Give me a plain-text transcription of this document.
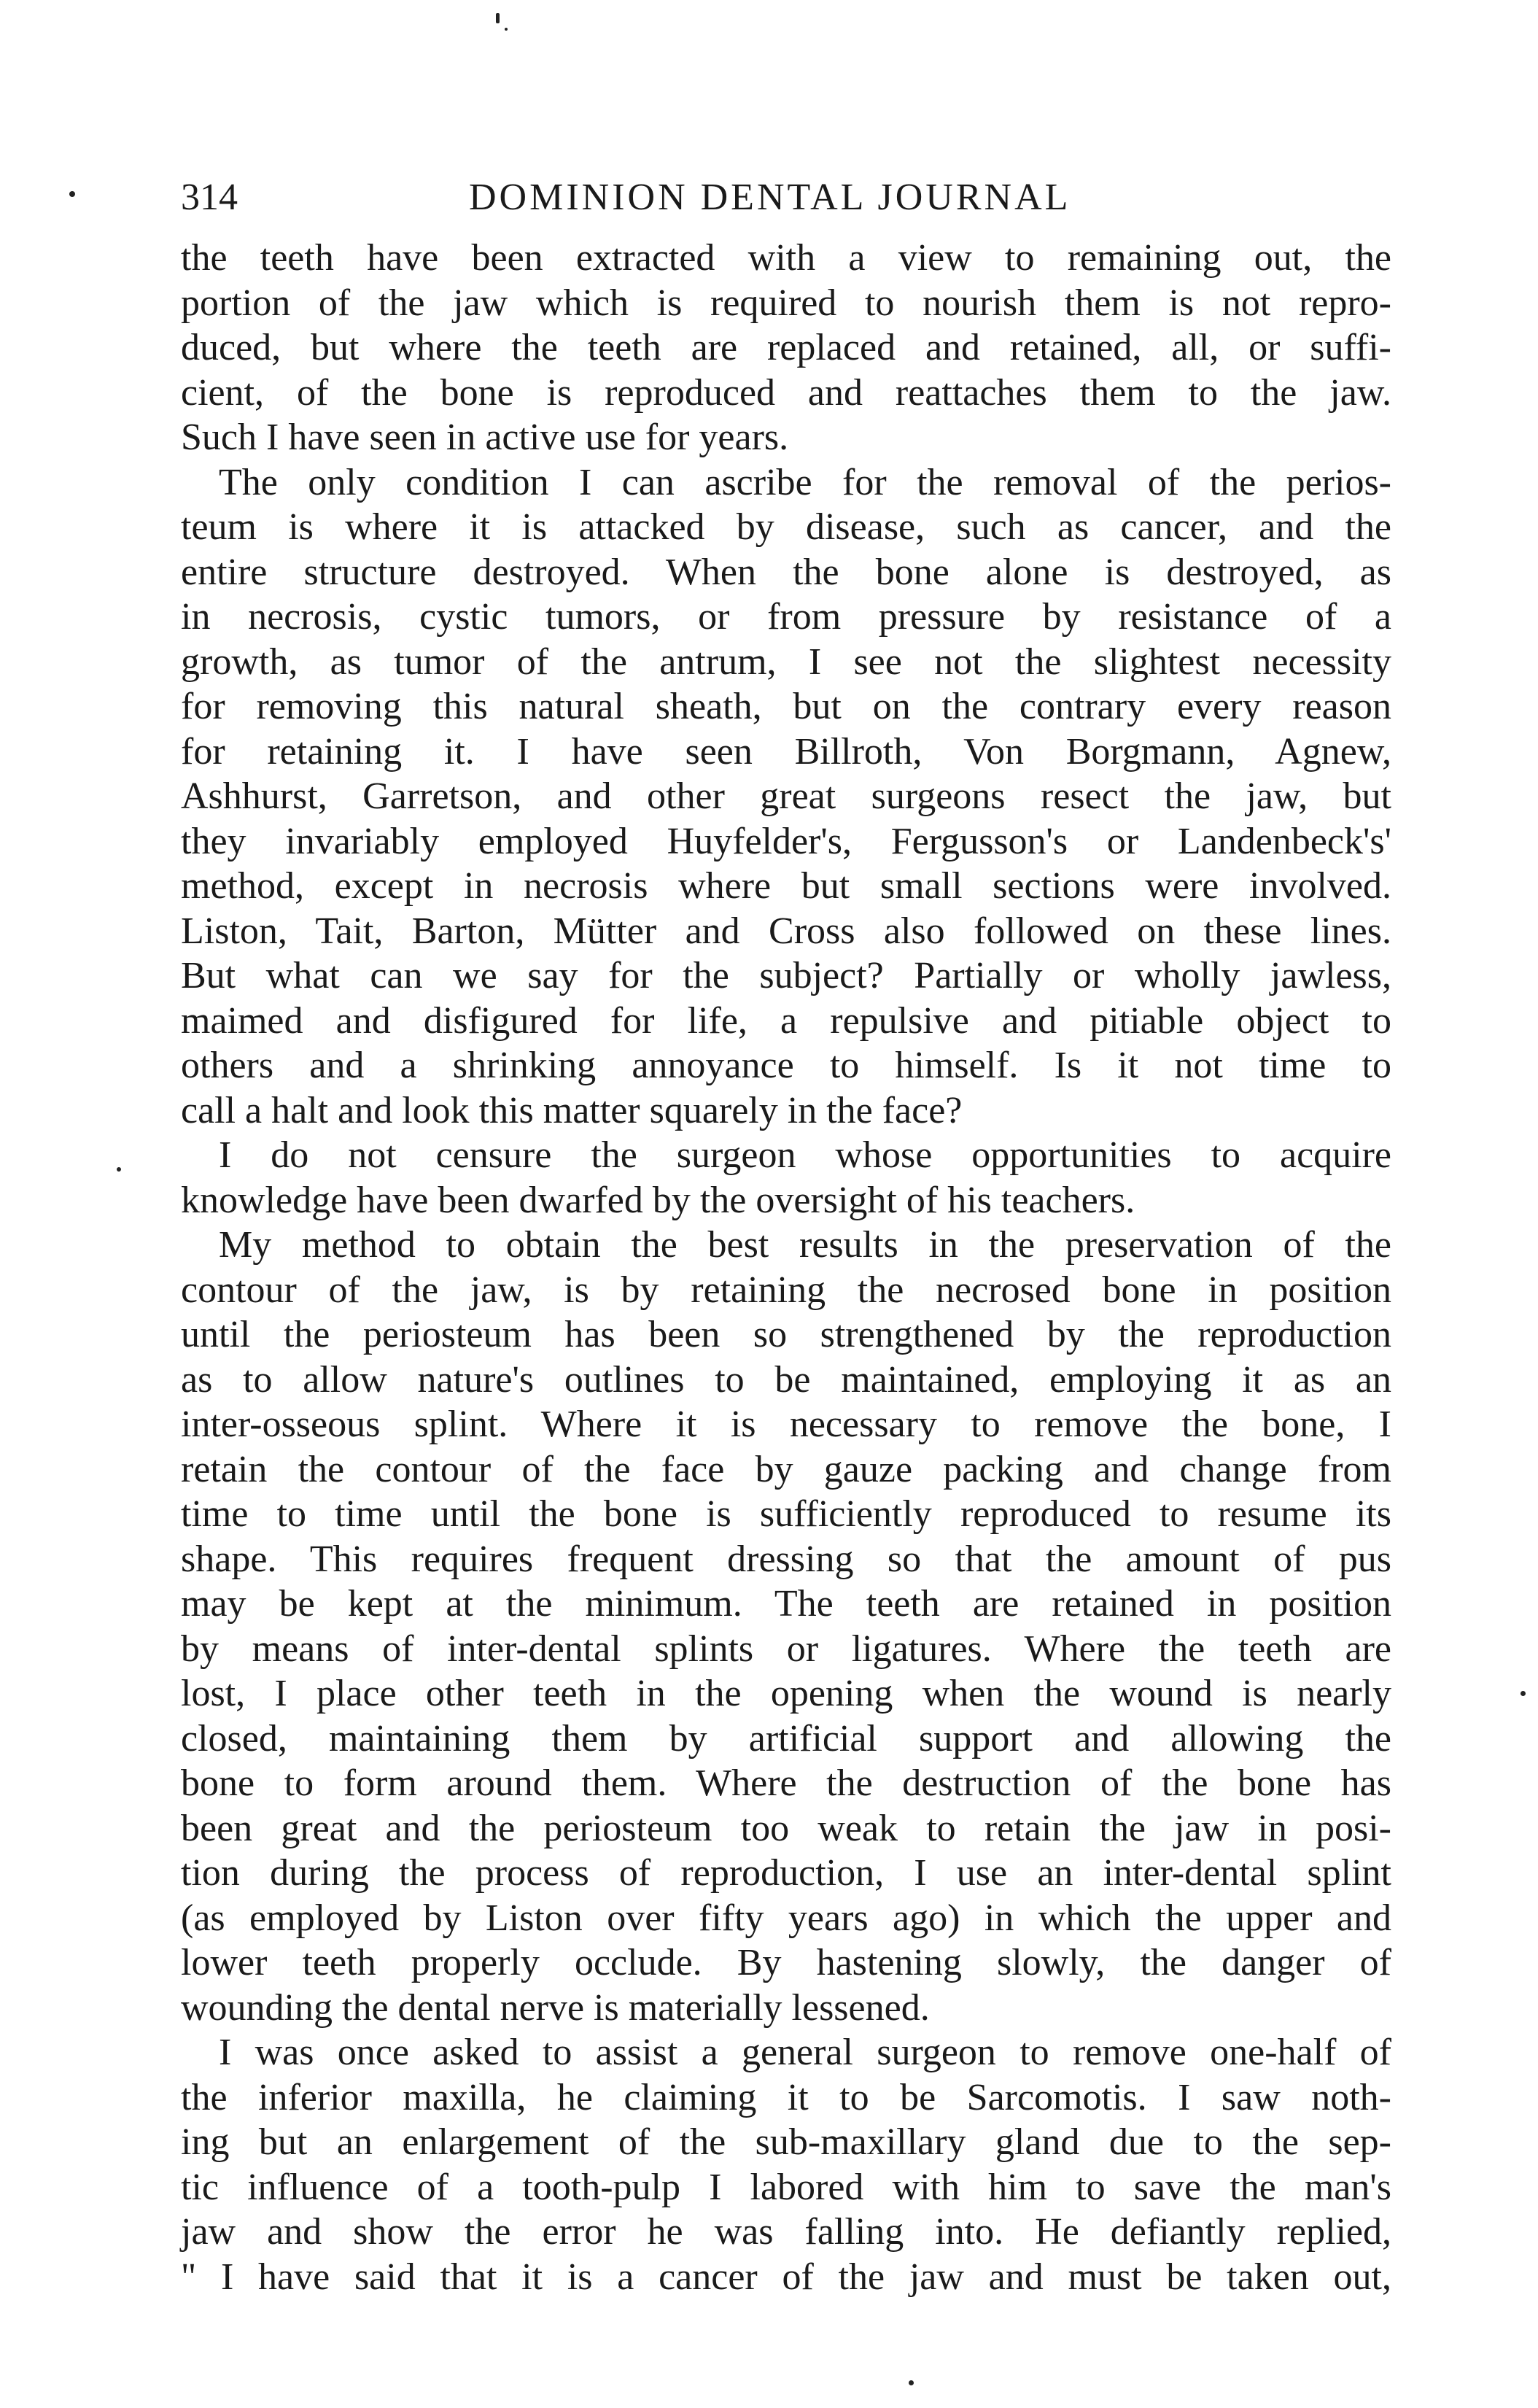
314	DOMINION DENTAL JOURNAL
the teeth have been extracted with a view to remaining out, the
portion of the jaw which is required to nourish them is not repro-
duced, but where the teeth are replaced and retained, all, or suffi-
cient, of the bone is reproduced and reattaches them to the jaw.
Such I have seen in active use for years.
The only condition I can ascribe for the removal of the perios-
teum is where it is attacked by disease, such as cancer, and the
entire structure destroyed. When the bone alone is destroyed, as
in necrosis, cystic tumors, or from pressure by resistance of a
growth, as tumor of the antrum, I see not the slightest necessity
for removing this natural sheath, but on the contrary every reason
for retaining it. I have seen Billroth, Von Borgmann, Agnew,
Ashhurst, Garretson, and other great surgeons resect the jaw, but
they invariably employed Huyfelder's, Fergusson's or Landenbeck's'
method, except in necrosis where but small sections were involved.
Liston, Tait, Barton, Mütter and Cross also followed on these lines.
But what can we say for the subject? Partially or wholly jawless,
maimed and disfigured for life, a repulsive and pitiable object to
others and a shrinking annoyance to himself. Is it not time to
call a halt and look this matter squarely in the face?
I do not censure the surgeon whose opportunities to acquire
knowledge have been dwarfed by the oversight of his teachers.
My method to obtain the best results in the preservation of the
contour of the jaw, is by retaining the necrosed bone in position
until the periosteum has been so strengthened by the reproduction
as to allow nature's outlines to be maintained, employing it as an
inter-osseous splint. Where it is necessary to remove the bone, I
retain the contour of the face by gauze packing and change from
time to time until the bone is sufficiently reproduced to resume its
shape. This requires frequent dressing so that the amount of pus
may be kept at the minimum. The teeth are retained in position
by means of inter-dental splints or ligatures. Where the teeth are
lost, I place other teeth in the opening when the wound is nearly
closed, maintaining them by artificial support and allowing the
bone to form around them. Where the destruction of the bone has
been great and the periosteum too weak to retain the jaw in posi-
tion during the process of reproduction, I use an inter-dental splint
(as employed by Liston over fifty years ago) in which the upper and
lower teeth properly occlude. By hastening slowly, the danger of
wounding the dental nerve is materially lessened.
I was once asked to assist a general surgeon to remove one-half of
the inferior maxilla, he claiming it to be Sarcomotis. I saw noth-
ing but an enlargement of the sub-maxillary gland due to the sep-
tic influence of a tooth-pulp I labored with him to save the man's
jaw and show the error he was falling into. He defiantly replied,
" I have said that it is a cancer of the jaw and must be taken out,
